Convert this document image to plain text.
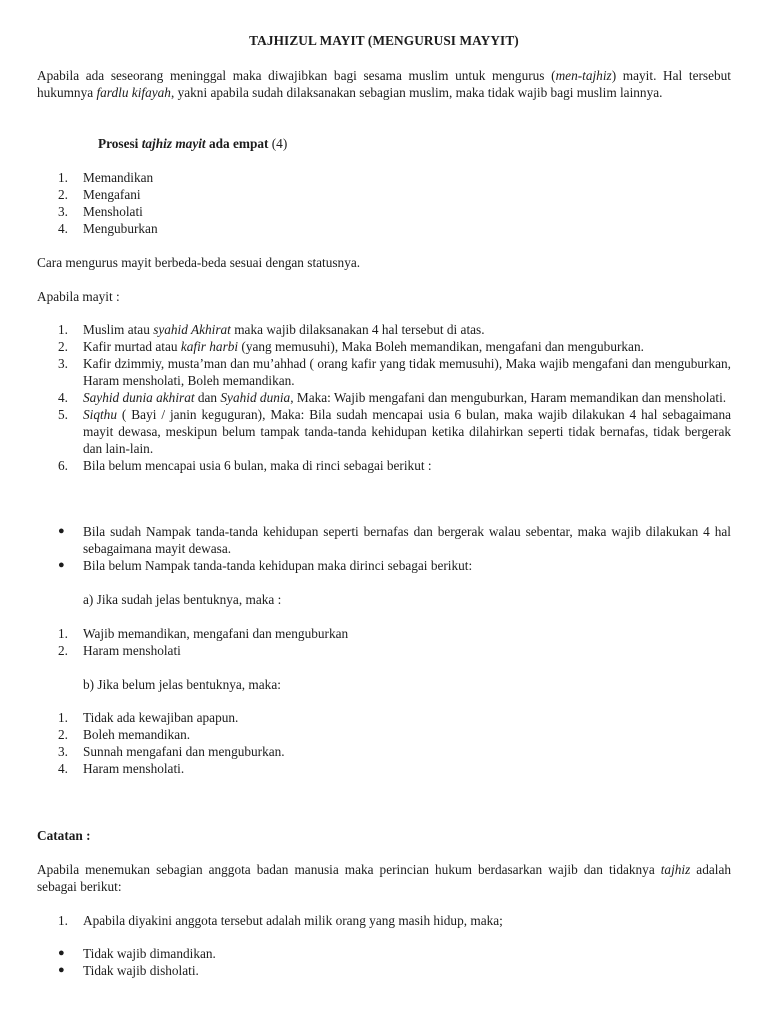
TAJHIZUL MAYIT (MENGURUSI MAYYIT)
Apabila ada seseorang meninggal maka diwajibkan bagi sesama muslim untuk mengurus (men-tajhiz) mayit. Hal tersebut hukumnya fardlu kifayah, yakni apabila sudah dilaksanakan sebagian muslim, maka tidak wajib bagi muslim lainnya.
Prosesi tajhiz mayit ada empat (4)
1. Memandikan
2. Mengafani
3. Mensholati
4. Menguburkan
Cara mengurus mayit berbeda-beda sesuai dengan statusnya.
Apabila mayit :
1. Muslim atau syahid Akhirat maka wajib dilaksanakan 4 hal tersebut di atas.
2. Kafir murtad atau kafir harbi (yang memusuhi), Maka Boleh memandikan, mengafani dan menguburkan.
3. Kafir dzimmiy, musta’man dan mu’ahhad ( orang kafir yang tidak memusuhi), Maka wajib mengafani dan menguburkan, Haram mensholati, Boleh memandikan.
4. Sayhid dunia akhirat dan Syahid dunia, Maka: Wajib mengafani dan menguburkan, Haram memandikan dan mensholati.
5. Siqthu ( Bayi / janin keguguran), Maka: Bila sudah mencapai usia 6 bulan, maka wajib dilakukan 4 hal sebagaimana mayit dewasa, meskipun belum tampak tanda-tanda kehidupan ketika dilahirkan seperti tidak bernafas, tidak bergerak dan lain-lain.
6. Bila belum mencapai usia 6 bulan, maka di rinci sebagai berikut :
● Bila sudah Nampak tanda-tanda kehidupan seperti bernafas dan bergerak walau sebentar, maka wajib dilakukan 4 hal sebagaimana mayit dewasa.
● Bila belum Nampak tanda-tanda kehidupan maka dirinci sebagai berikut:
a) Jika sudah jelas bentuknya, maka :
1. Wajib memandikan, mengafani dan menguburkan
2. Haram mensholati
b) Jika belum jelas bentuknya, maka:
1. Tidak ada kewajiban apapun.
2. Boleh memandikan.
3. Sunnah mengafani dan menguburkan.
4. Haram mensholati.
Catatan :
Apabila menemukan sebagian anggota badan manusia maka perincian hukum berdasarkan wajib dan tidaknya tajhiz adalah sebagai berikut:
1. Apabila diyakini anggota tersebut adalah milik orang yang masih hidup, maka;
● Tidak wajib dimandikan.
● Tidak wajib disholati.
